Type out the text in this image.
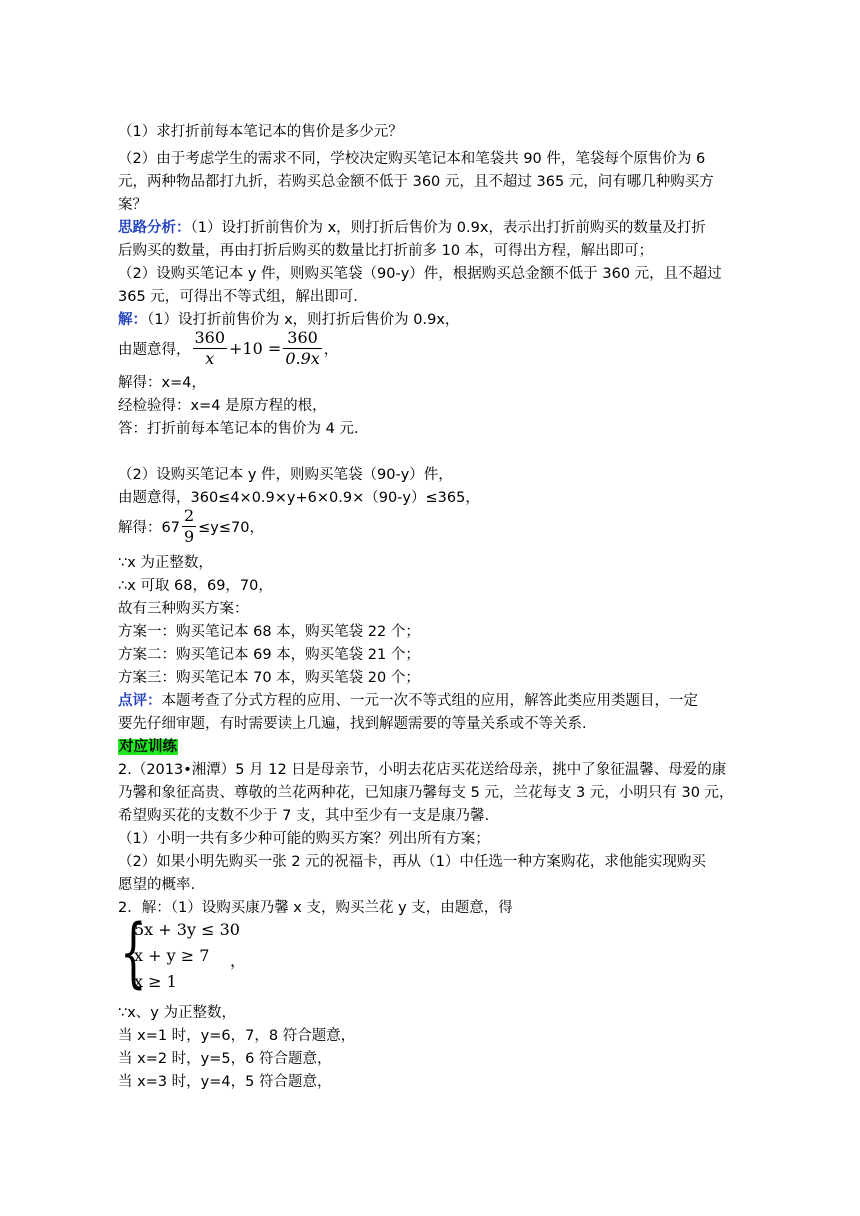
（1）求打折前每本笔记本的售价是多少元？
（2）由于考虑学生的需求不同，学校决定购买笔记本和笔袋共 90 件，笔袋每个原售价为 6
元，两种物品都打九折，若购买总金额不低于 360 元，且不超过 365 元，问有哪几种购买方
案？
思路分析：（1）设打折前售价为 x，则打折后售价为 0.9x，表示出打折前购买的数量及打折
后购买的数量，再由打折后购买的数量比打折前多 10 本，可得出方程，解出即可；
（2）设购买笔记本 y 件，则购买笔袋（90-y）件，根据购买总金额不低于 360 元，且不超过
365 元，可得出不等式组，解出即可.
解：（1）设打折前售价为 x，则打折后售价为 0.9x，
由题意得， $\frac{360}{x} +10 = \frac{360}{0.9x}$ ，
解得：x=4，
经检验得：x=4 是原方程的根，
答：打折前每本笔记本的售价为 4 元.
（2）设购买笔记本 y 件，则购买笔袋（90-y）件，
由题意得，360≤4×0.9×y+6×0.9×（90-y）≤365，
解得：$67 \frac{2}{9} \le y\le 70$，
∵x 为正整数，
∴x 可取 68，69，70，
故有三种购买方案：
方案一：购买笔记本 68 本，购买笔袋 22 个；
方案二：购买笔记本 69 本，购买笔袋 21 个；
方案三：购买笔记本 70 本，购买笔袋 20 个；
点评：本题考查了分式方程的应用、一元一次不等式组的应用，解答此类应用类题目，一定
要先仔细审题，有时需要读上几遍，找到解题需要的等量关系或不等关系.
对应训练
2.（2013•湘潭）5 月 12 日是母亲节，小明去花店买花送给母亲，挑中了象征温馨、母爱的康
乃馨和象征高贵、尊敬的兰花两种花，已知康乃馨每支 5 元，兰花每支 3 元，小明只有 30 元，
希望购买花的支数不少于 7 支，其中至少有一支是康乃馨.
（1）小明一共有多少种可能的购买方案？列出所有方案；
（2）如果小明先购买一张 2 元的祝福卡，再从（1）中任选一种方案购花，求他能实现购买
愿望的概率.
2．解：（1）设购买康乃馨 x 支，购买兰花 y 支，由题意，得
{
5x + 3y ≤ 30
x + y ≥ 7
x ≥ 1
，
∵x、y 为正整数，
当 x=1 时，y=6，7，8 符合题意，
当 x=2 时，y=5，6 符合题意，
当 x=3 时，y=4，5 符合题意，
